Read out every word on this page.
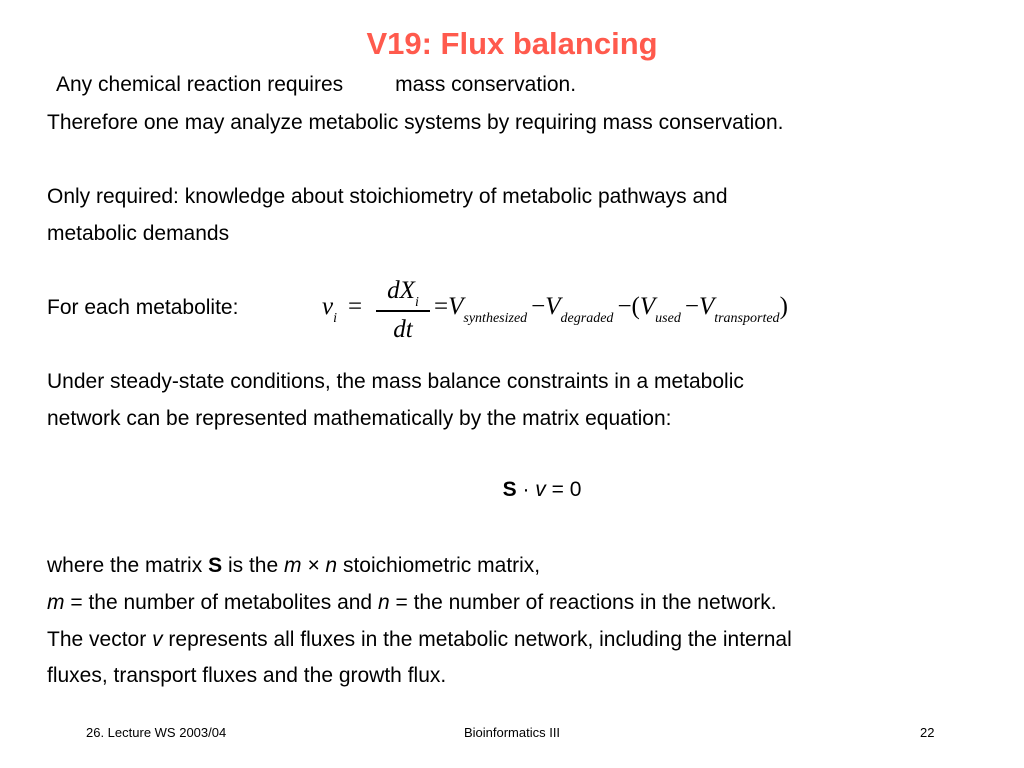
V19: Flux balancing
Any chemical reaction requires mass conservation.
Therefore one may analyze metabolic systems by requiring mass conservation.
Only required: knowledge about stoichiometry of metabolic pathways and
metabolic demands
For each metabolite:	$v_i$ =
$dX_i$
dt
$=V_{synthesized} -V_{degraded} -(V_{used} -V_{transported})$
Under steady-state conditions, the mass balance constraints in a metabolic
network can be represented mathematically by the matrix equation:
S · v = 0
where the matrix S is the m × n stoichiometric matrix,
m = the number of metabolites and n = the number of reactions in the network.
The vector v represents all fluxes in the metabolic network, including the internal
fluxes, transport fluxes and the growth flux.
26. Lecture WS 2003/04	Bioinformatics III	22
